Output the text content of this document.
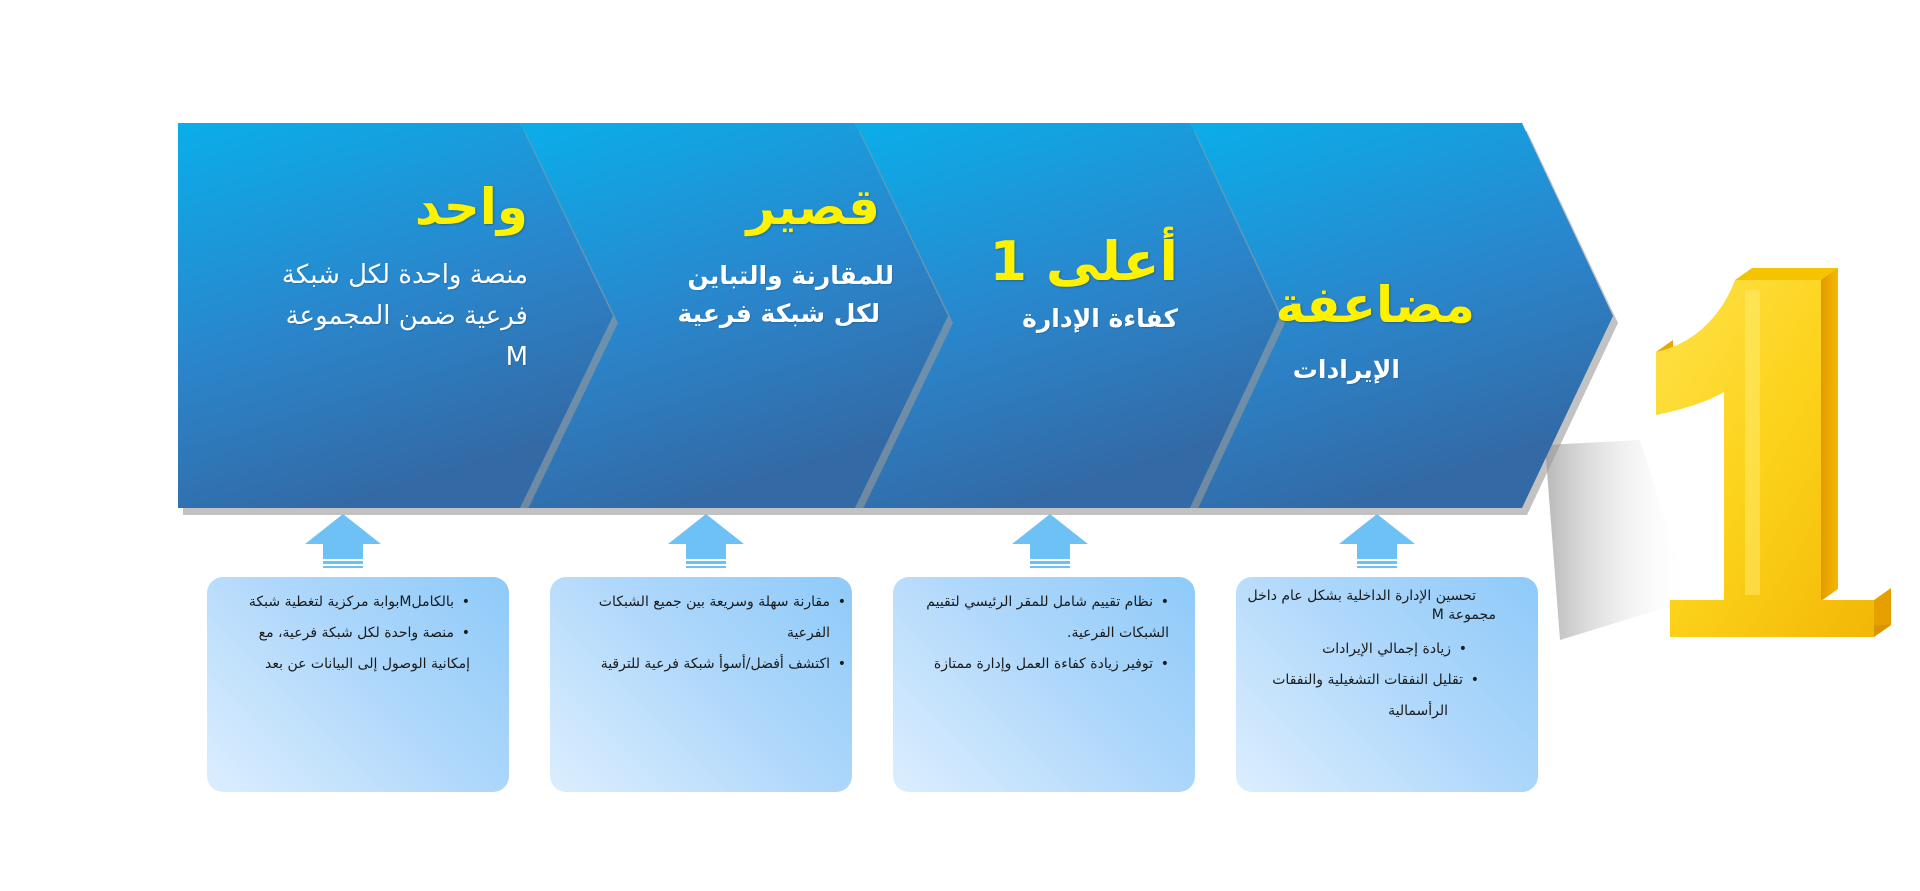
واحد
منصة واحدة لكل شبكة
فرعية ضمن المجموعة
M
قصير
للمقارنة والتباين
لكل شبكة فرعية
أعلى 1
كفاءة الإدارة مضاعفة
الإيرادات
بالكاملMبوابة مركزية لتغطية شبكة •
منصة واحدة لكل شبكة فرعية، مع •
إمكانية الوصول إلى البيانات عن بعد
مقارنة سهلة وسريعة بين جميع الشبكات •
الفرعية
اكتشف أفضل/أسوأ شبكة فرعية للترقية •
نظام تقييم شامل للمقر الرئيسي لتقييم •
الشبكات الفرعية.
توفير زيادة كفاءة العمل وإدارة ممتازة •
تحسين الإدارة الداخلية بشكل عام داخل
مجموعة M
زيادة إجمالي الإيرادات •
تقليل النفقات التشغيلية والنفقات •
الرأسمالية
